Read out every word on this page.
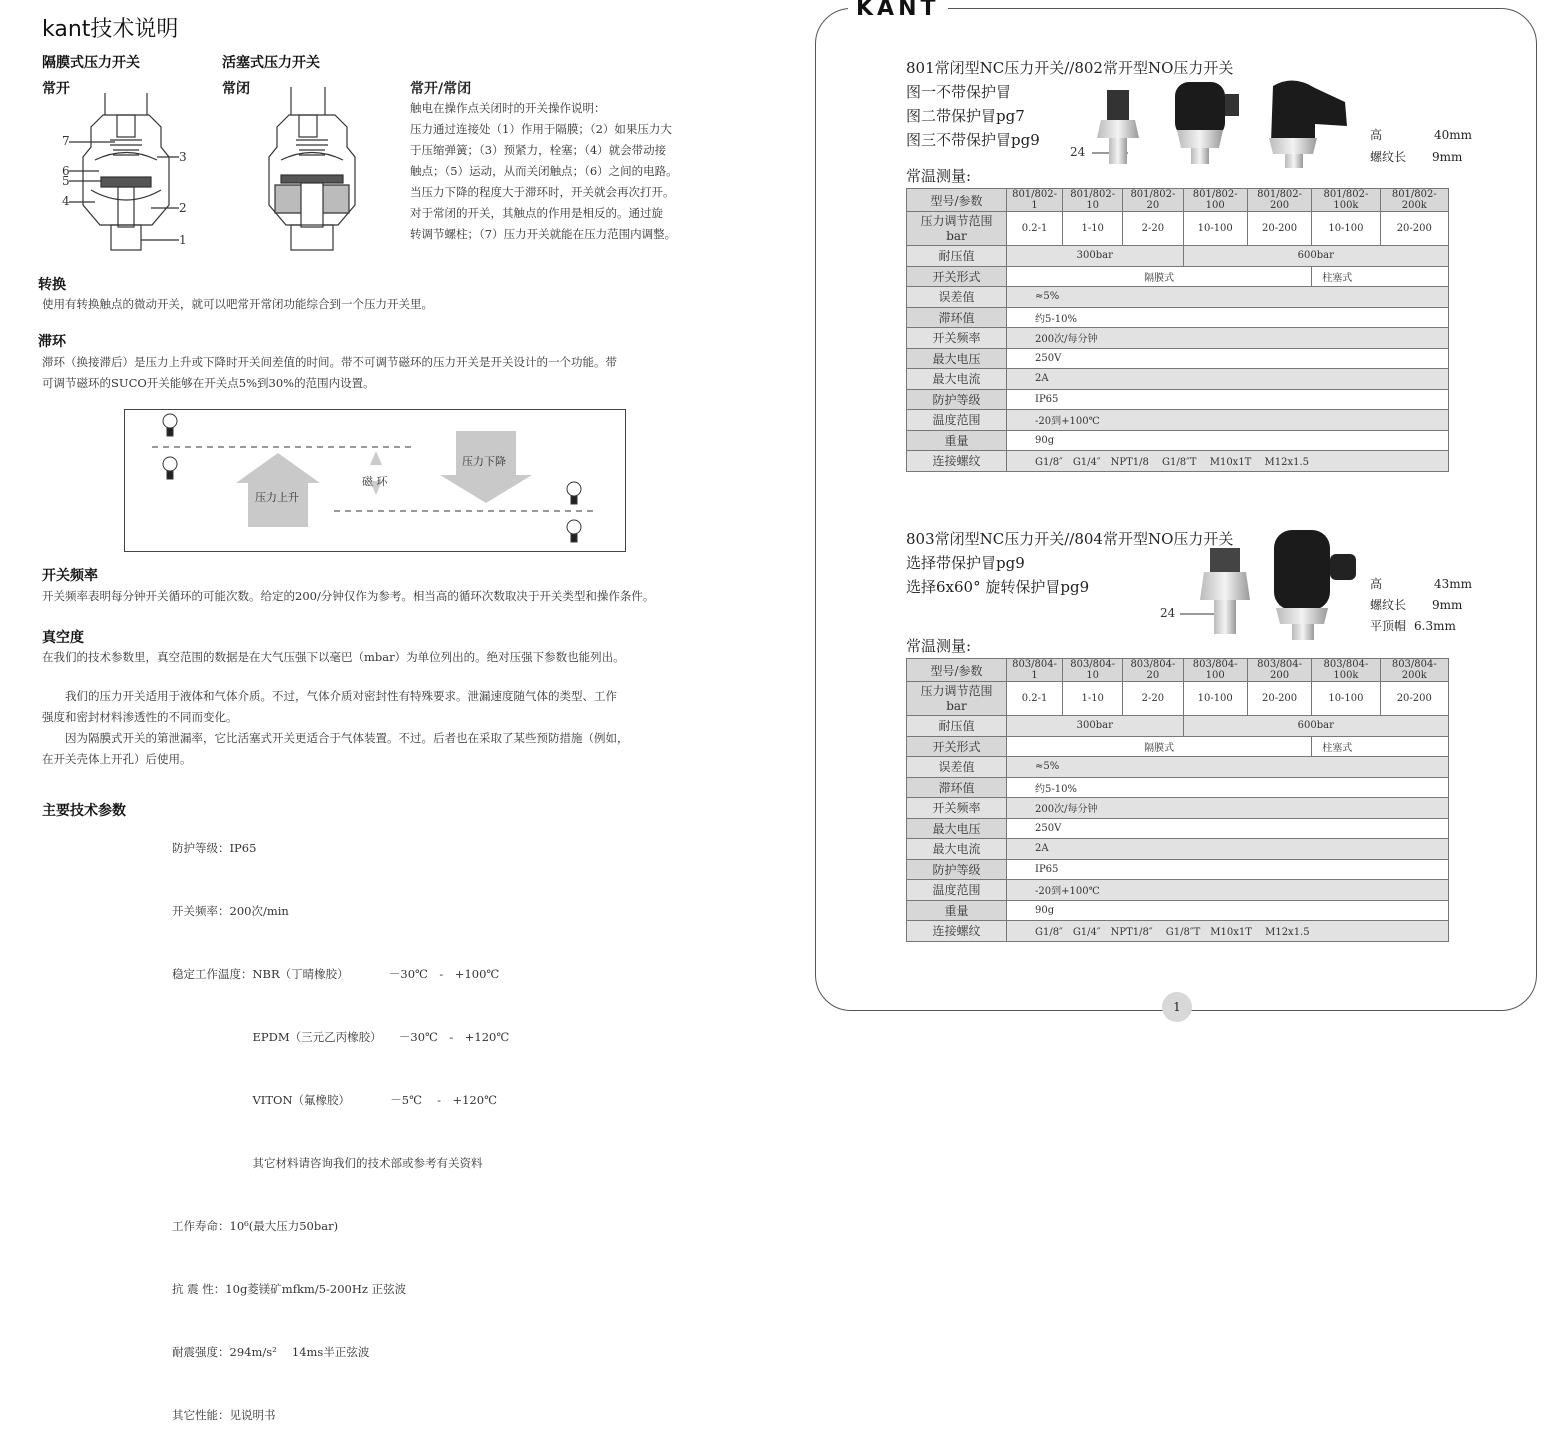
kant技术说明
隔膜式压力开关
常开
活塞式压力开关
常闭
7
3
6
5
4	2
1
常开/常闭
触电在操作点关闭时的开关操作说明：
压力通过连接处（1）作用于隔膜；（2）如果压力大
于压缩弹簧；（3）预紧力，栓塞；（4）就会带动接
触点；（5）运动，从而关闭触点；（6）之间的电路。
当压力下降的程度大于滞环时，开关就会再次打开。
对于常闭的开关，其触点的作用是相反的。通过旋
转调节螺柱；（7）压力开关就能在压力范围内调整。
转换
使用有转换触点的微动开关，就可以吧常开常闭功能综合到一个压力开关里。
滞环
滞环（换接滞后）是压力上升或下降时开关间差值的时间。带不可调节磁环的压力开关是开关设计的一个功能。带
可调节磁环的SUCO开关能够在开关点5%到30%的范围内设置。
压力上升
压力下降
磁 环
开关频率
开关频率表明每分钟开关循环的可能次数。给定的200/分钟仅作为参考。相当高的循环次数取决于开关类型和操作条件。
真空度
在我们的技术参数里，真空范围的数据是在大气压强下以毫巴（mbar）为单位列出的。绝对压强下参数也能列出。
　　我们的压力开关适用于液体和气体介质。不过，气体介质对密封性有特殊要求。泄漏速度随气体的类型、工作
强度和密封材料渗透性的不同而变化。
　　因为隔膜式开关的第泄漏率，它比活塞式开关更适合于气体装置。不过。后者也在采取了某些预防措施（例如，
在开关壳体上开孔）后使用。
主要技术参数

防护等级：IP65

开关频率：200次/min

稳定工作温度：NBR（丁晴橡胶）　　　　－30℃　-　+100℃

　　　　　　　EPDM（三元乙丙橡胶）　　－30℃　-　+120℃

　　　　　　　VITON（氟橡胶）　　　　－5℃　 -　+120℃

　　　　　　　其它材料请咨询我们的技术部或参考有关资料

工作寿命：10⁶(最大压力50bar)

抗 震 性：10g菱镁矿mfkm/5-200Hz 正弦波

耐震强度：294m/s²　 14ms半正弦波

其它性能：见说明书

KANT
801常闭型NC压力开关//802常开型NO压力开关
图一不带保护冒
图二带保护冒pg7
图三不带保护冒pg9
常温测量:
24
高	40mm
螺纹长 9mm
型号/参数	801/802-1	801/802-10	801/802-20	801/802-100	801/802-200	801/802-100k	801/802-200k
压力调节范围
bar	0.2-1	1-10	2-20	10-100	20-200	10-100	20-200
耐压值	300bar			600bar			
开关形式	隔膜式					柱塞式	
误差值	≈5%						
滞环值	约5-10%						
开关频率	200次/每分钟						
最大电压	250V						
最大电流	2A						
防护等级	IP65						
温度范围	-20到+100℃						
重量	90g						
连接螺纹	G1/8″　G1/4″　NPT1/8　 G1/8″T　 M10x1T　 M12x1.5						
803常闭型NC压力开关//804常开型NO压力开关
选择带保护冒pg9
选择6x60° 旋转保护冒pg9
常温测量:
24
高	43mm
螺纹长 9mm
平顶帽 6.3mm
型号/参数	803/804-1	803/804-10	803/804-20	803/804-100	803/804-200	803/804-100k	803/804-200k
压力调节范围
bar	0.2-1	1-10	2-20	10-100	20-200	10-100	20-200
耐压值	300bar			600bar			
开关形式	隔膜式					柱塞式	
误差值	≈5%						
滞环值	约5-10%						
开关频率	200次/每分钟						
最大电压	250V						
最大电流	2A						
防护等级	IP65						
温度范围	-20到+100℃						
重量	90g						
连接螺纹	G1/8″　G1/4″　NPT1/8″　 G1/8″T　M10x1T　 M12x1.5						
1
